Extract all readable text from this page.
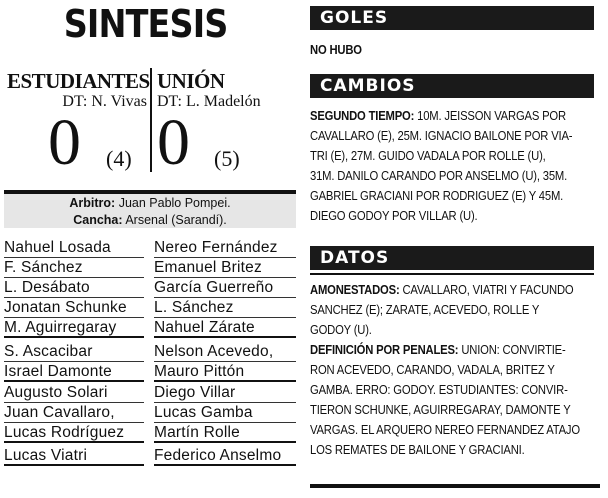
SINTESIS
ESTUDIANTES
DT: N. Vivas
UNIÓN
DT: L. Madelón
0 (4) 0 (5)
Arbitro: Juan Pablo Pompei.
Cancha: Arsenal (Sarandí).
Nahuel Losada
F. Sánchez
L. Desábato
Jonatan Schunke
M. Aguirregaray
S. Ascacibar
Israel Damonte
Augusto Solari
Juan Cavallaro,
Lucas Rodríguez
Lucas Viatri
Nereo Fernández
Emanuel Britez
García Guerreño
L. Sánchez
Nahuel Zárate
Nelson Acevedo,
Mauro Pittón
Diego Villar
Lucas Gamba
Martín Rolle
Federico Anselmo
GOLES
NO HUBO
CAMBIOS
SEGUNDO TIEMPO: 10M. JEISSON VARGAS POR
CAVALLARO (E), 25M. IGNACIO BAILONE POR VIA-
TRI (E), 27M. GUIDO VADALA POR ROLLE (U),
31M. DANILO CARANDO POR ANSELMO (U), 35M.
GABRIEL GRACIANI POR RODRIGUEZ (E) Y 45M.
DIEGO GODOY POR VILLAR (U).
DATOS
AMONESTADOS: CAVALLARO, VIATRI Y FACUNDO
SANCHEZ (E); ZARATE, ACEVEDO, ROLLE Y
GODOY (U).
DEFINICIÓN POR PENALES: UNION: CONVIRTIE-
RON ACEVEDO, CARANDO, VADALA, BRITEZ Y
GAMBA. ERRO: GODOY. ESTUDIANTES: CONVIR-
TIERON SCHUNKE, AGUIRREGARAY, DAMONTE Y
VARGAS. EL ARQUERO NEREO FERNANDEZ ATAJO
LOS REMATES DE BAILONE Y GRACIANI.
